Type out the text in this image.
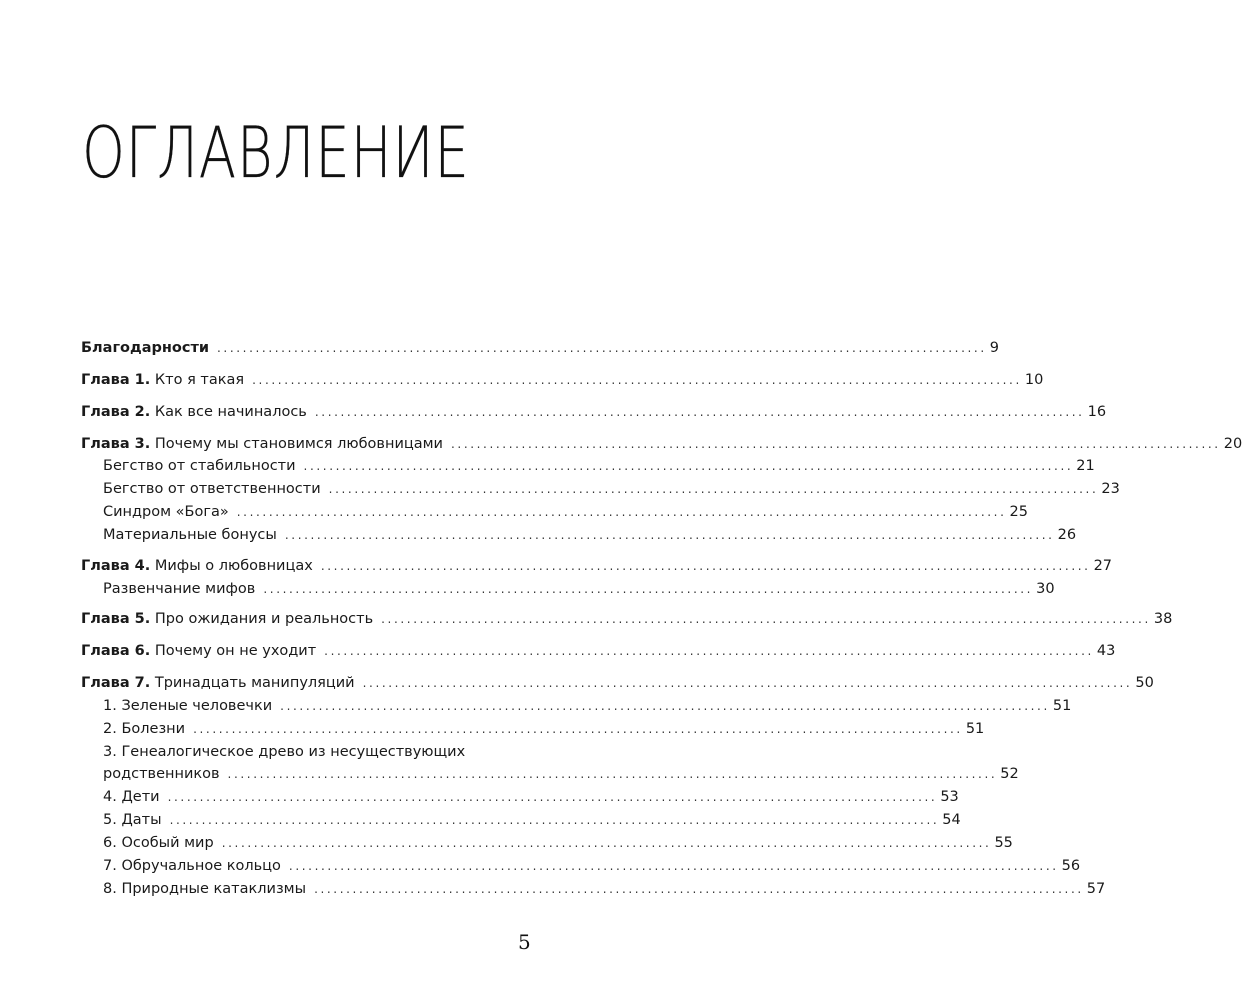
ОГЛАВЛЕНИЕ
Благодарности ........................................................................................................................ 9
Глава 1. Кто я такая ........................................................................................................................ 10
Глава 2. Как все начиналось ........................................................................................................................ 16
Глава 3. Почему мы становимся любовницами ........................................................................................................................ 20
Бегство от стабильности ........................................................................................................................ 21
Бегство от ответственности ........................................................................................................................ 23
Синдром «Бога» ........................................................................................................................ 25
Материальные бонусы ........................................................................................................................ 26
Глава 4. Мифы о любовницах ........................................................................................................................ 27
Развенчание мифов ........................................................................................................................ 30
Глава 5. Про ожидания и реальность ........................................................................................................................ 38
Глава 6. Почему он не уходит ........................................................................................................................ 43
Глава 7. Тринадцать манипуляций ........................................................................................................................ 50
1. Зеленые человечки ........................................................................................................................ 51
2. Болезни ........................................................................................................................ 51
3. Генеалогическое древо из несуществующих
родственников ........................................................................................................................ 52
4. Дети ........................................................................................................................ 53
5. Даты ........................................................................................................................ 54
6. Особый мир ........................................................................................................................ 55
7. Обручальное кольцо ........................................................................................................................ 56
8. Природные катаклизмы ........................................................................................................................ 57
5
